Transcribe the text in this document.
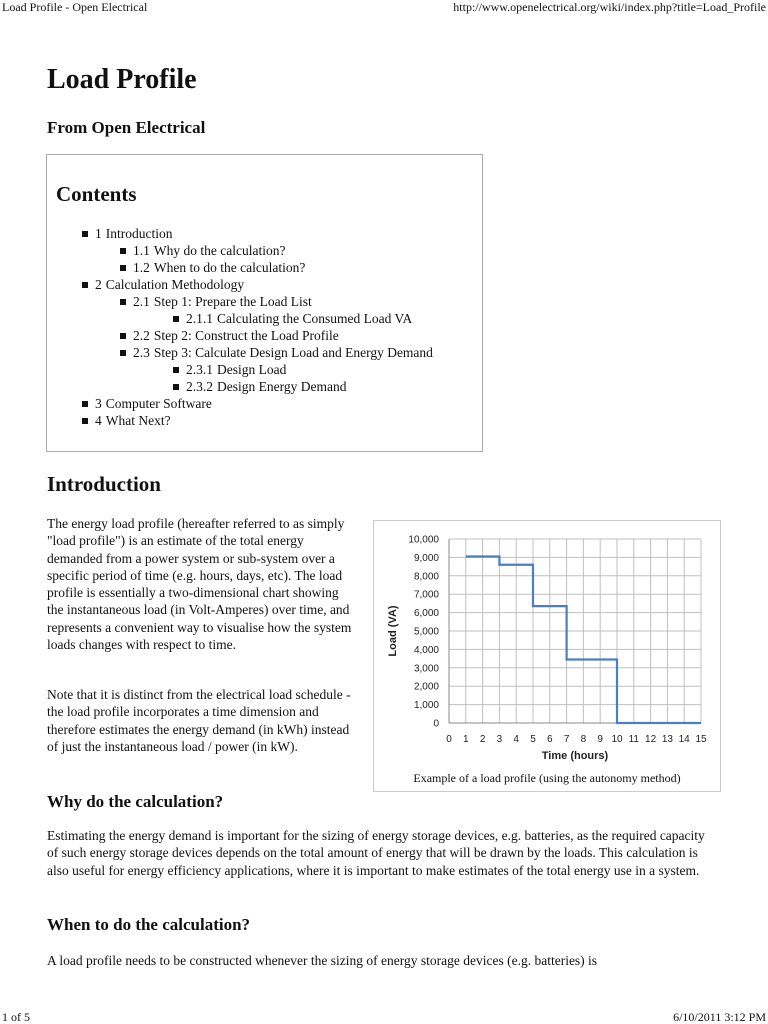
Load Profile - Open Electrical	http://www.openelectrical.org/wiki/index.php?title=Load_Profile
Load Profile
From Open Electrical
Contents
1 Introduction
1.1 Why do the calculation?
1.2 When to do the calculation?
2 Calculation Methodology
2.1 Step 1: Prepare the Load List
2.1.1 Calculating the Consumed Load VA
2.2 Step 2: Construct the Load Profile
2.3 Step 3: Calculate Design Load and Energy Demand
2.3.1 Design Load
2.3.2 Design Energy Demand
3 Computer Software
4 What Next?
Introduction

The energy load profile (hereafter referred to as simply "load profile") is an estimate of the total energy demanded from a power system or sub-system over a specific period of time (e.g. hours, days, etc). The load profile is essentially a two-dimensional chart showing the instantaneous load (in Volt-Amperes) over time, and represents a convenient way to visualise how the system loads changes with respect to time.

Note that it is distinct from the electrical load schedule - the load profile incorporates a time dimension and therefore estimates the energy demand (in kWh) instead of just the instantaneous load / power (in kW).

0
1,000
2,000
3,000
4,000
5,000
6,000
7,000
8,000
9,000
10,000
0 1 2 3 4 5 6 7 8 9 10 11 12 13 14 15
Time (hours)
Load (VA)
Example of a load profile (using the autonomy method)
Why do the calculation?

Estimating the energy demand is important for the sizing of energy storage devices, e.g. batteries, as the required capacity of such energy storage devices depends on the total amount of energy that will be drawn by the loads. This calculation is also useful for energy efficiency applications, where it is important to make estimates of the total energy use in a system.

When to do the calculation?

A load profile needs to be constructed whenever the sizing of energy storage devices (e.g. batteries) is

1 of 5	6/10/2011 3:12 PM
